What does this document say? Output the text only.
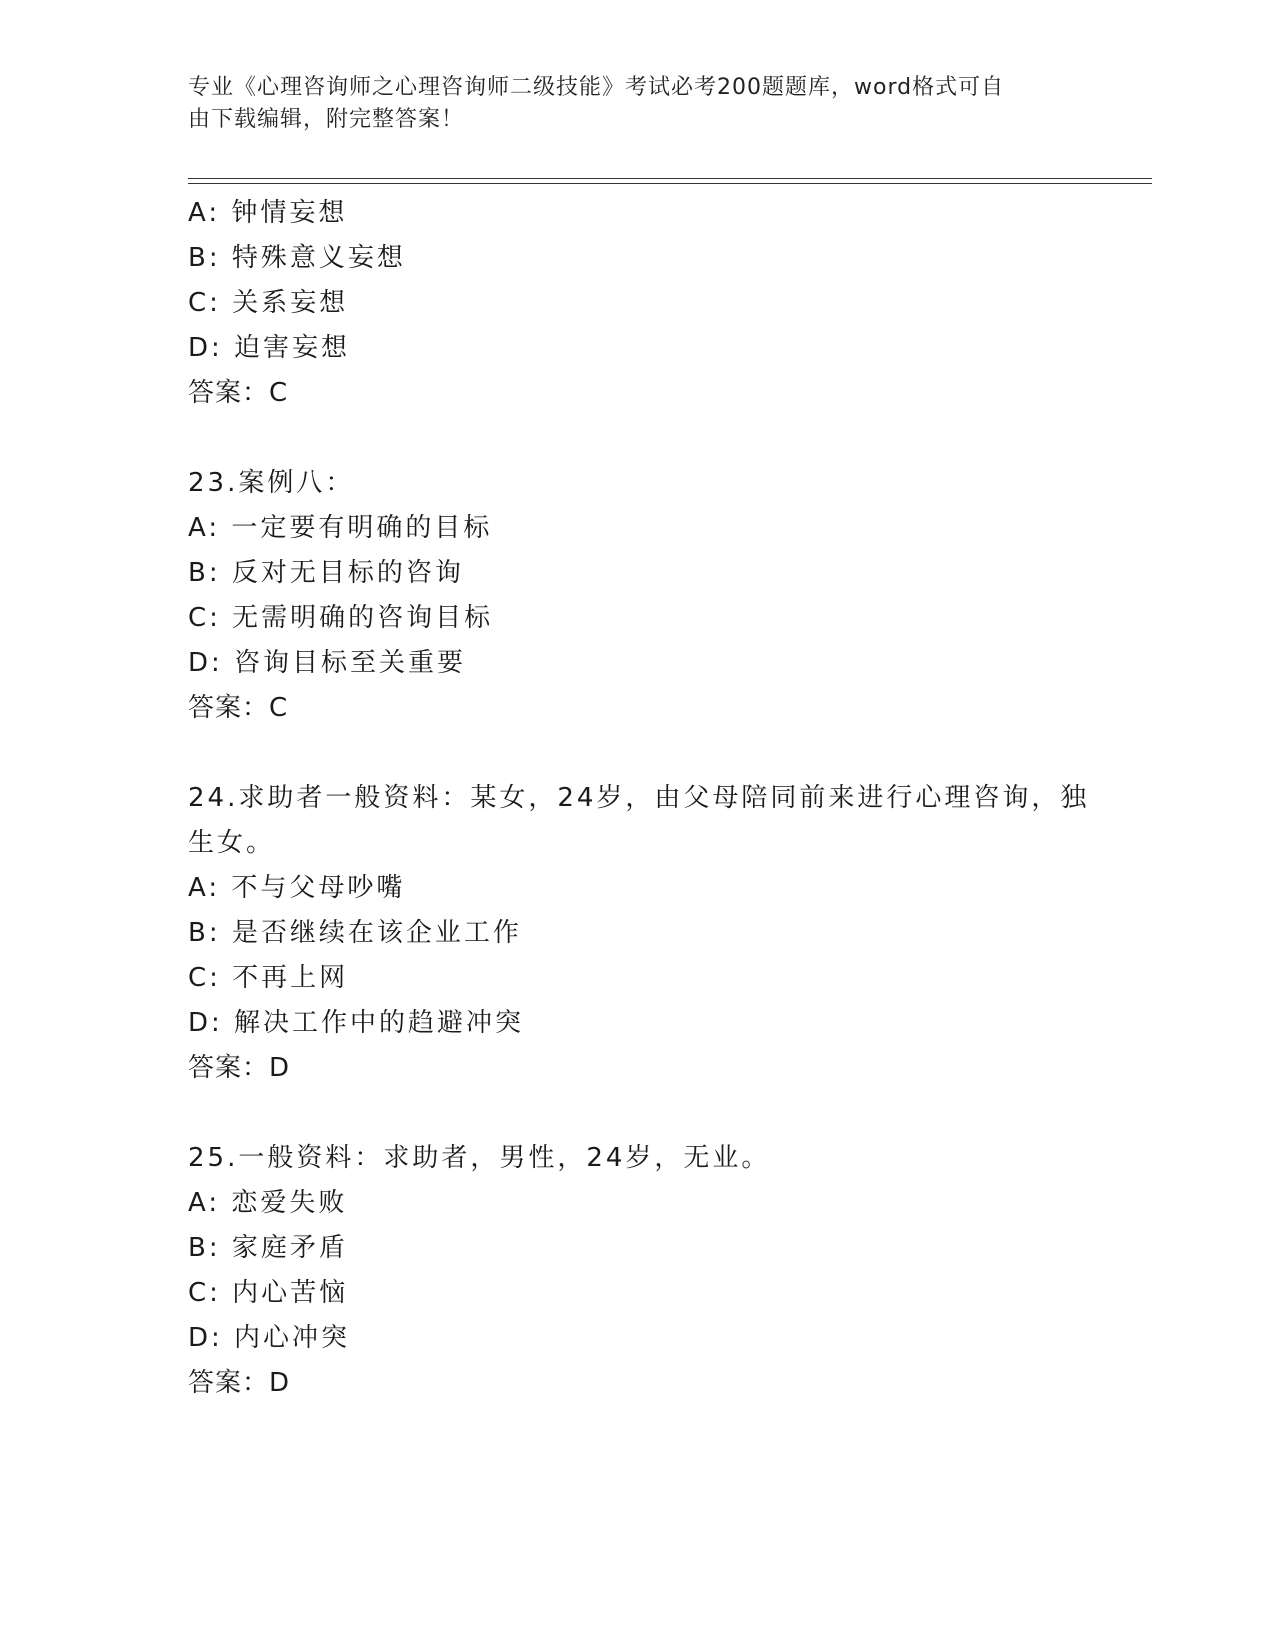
专业《心理咨询师之心理咨询师二级技能》考试必考200题题库，word格式可自
由下载编辑，附完整答案！
A: 钟情妄想
B: 特殊意义妄想
C: 关系妄想
D: 迫害妄想
答案：C
23.案例八：
A: 一定要有明确的目标
B: 反对无目标的咨询
C: 无需明确的咨询目标
D: 咨询目标至关重要
答案：C
24.求助者一般资料：某女，24岁，由父母陪同前来进行心理咨询，独
生女。
A: 不与父母吵嘴
B: 是否继续在该企业工作
C: 不再上网
D: 解决工作中的趋避冲突
答案：D
25.一般资料：求助者，男性，24岁，无业。
A: 恋爱失败
B: 家庭矛盾
C: 内心苦恼
D: 内心冲突
答案：D
